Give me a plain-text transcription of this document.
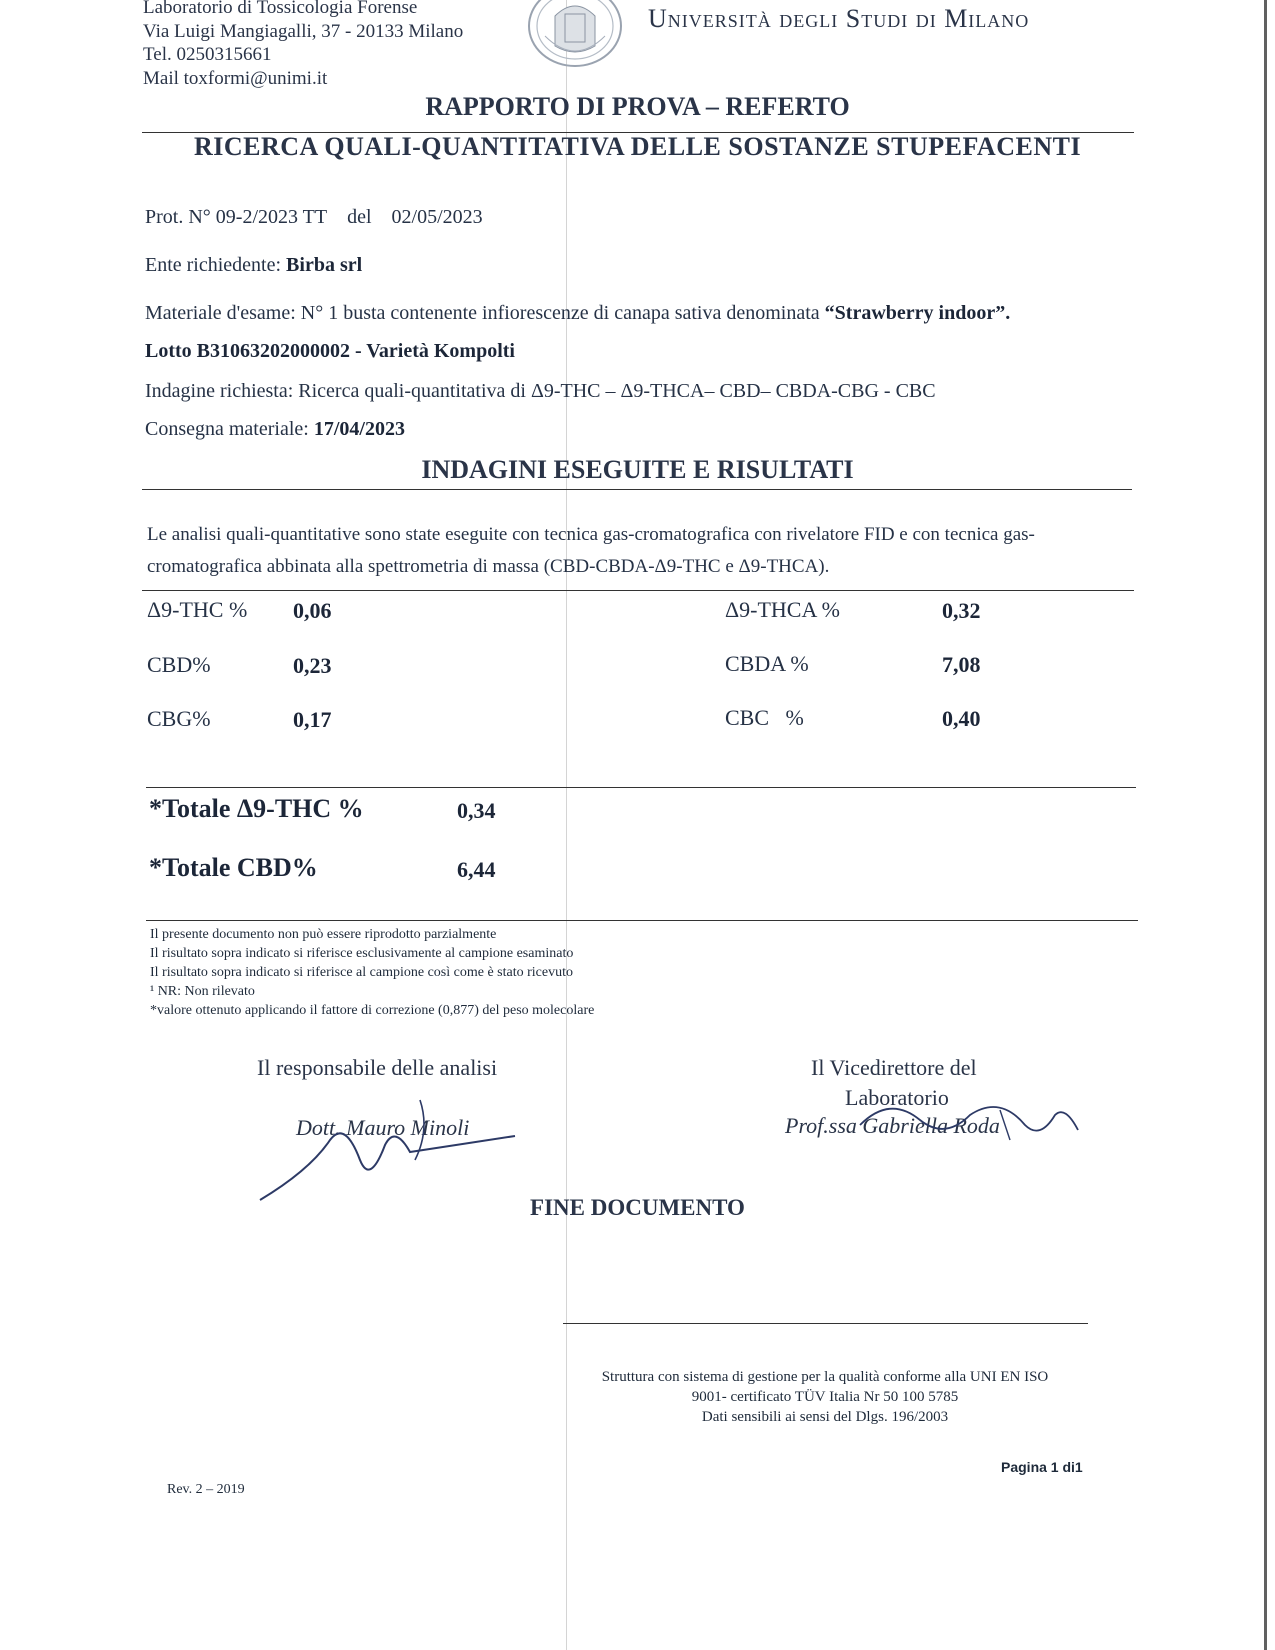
Laboratorio di Tossicologia Forense
Via Luigi Mangiagalli, 37 - 20133 Milano
Tel. 0250315661
Mail toxformi@unimi.it
Università degli Studi di Milano
RAPPORTO DI PROVA – REFERTO
RICERCA QUALI-QUANTITATIVA DELLE SOSTANZE STUPEFACENTI
Prot. N° 09-2/2023 TT del 02/05/2023
Ente richiedente: Birba srl
Materiale d'esame: N° 1 busta contenente infiorescenze di canapa sativa denominata “Strawberry indoor”.
Lotto B31063202000002 - Varietà Kompolti
Indagine richiesta: Ricerca quali-quantitativa di Δ9-THC – Δ9-THCA– CBD– CBDA-CBG - CBC
Consegna materiale: 17/04/2023
INDAGINI ESEGUITE E RISULTATI
Le analisi quali-quantitative sono state eseguite con tecnica gas-cromatografica con rivelatore FID e con tecnica gas-
cromatografica abbinata alla spettrometria di massa (CBD-CBDA-Δ9-THC e Δ9-THCA).
Δ9-THC % 0,06	Δ9-THCA %	0,32
CBD%	0,23	CBDA %	7,08
CBG%	0,17	CBC   %	0,40
*Totale Δ9-THC %	0,34
*Totale CBD%	6,44
Il presente documento non può essere riprodotto parzialmente
Il risultato sopra indicato si riferisce esclusivamente al campione esaminato
Il risultato sopra indicato si riferisce al campione così come è stato ricevuto
¹ NR: Non rilevato
*valore ottenuto applicando il fattore di correzione (0,877) del peso molecolare
Il responsabile delle analisi
Dott. Mauro Minoli
Il Vicedirettore del
Laboratorio
Prof.ssa Gabriella Roda
FINE DOCUMENTO
Struttura con sistema di gestione per la qualità conforme alla UNI EN ISO
9001- certificato TÜV Italia Nr 50 100 5785
Dati sensibili ai sensi del Dlgs. 196/2003
Pagina 1 di1
Rev. 2 – 2019
